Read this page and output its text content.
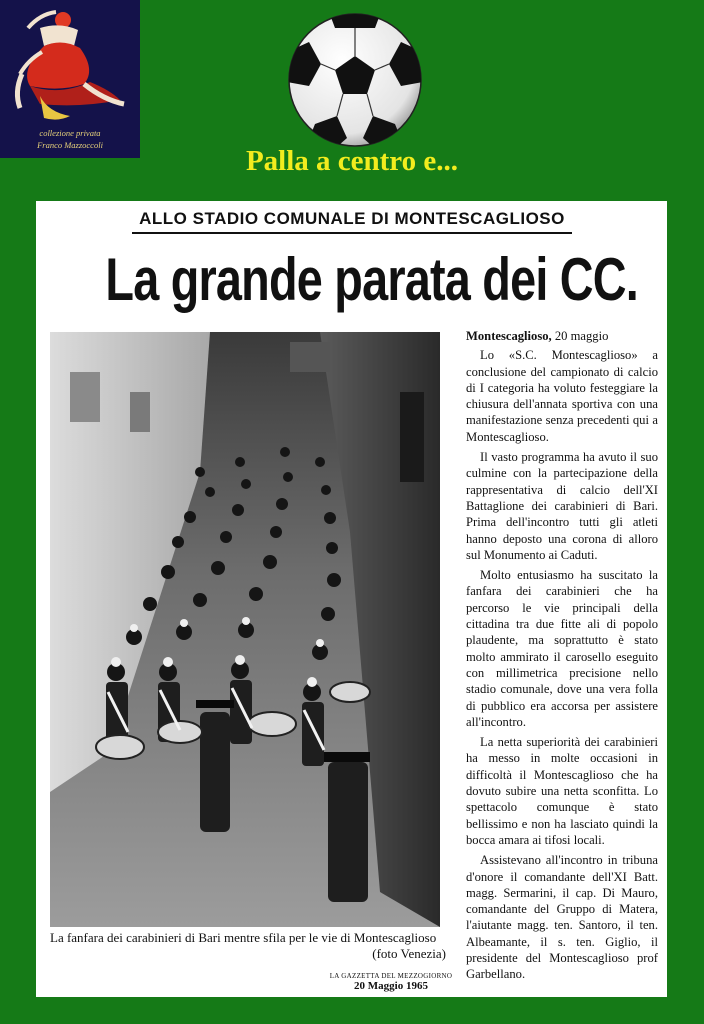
collezione privata
Franco Mazzoccoli	Palla a centro e...
ALLO STADIO COMUNALE DI MONTESCAGLIOSO
La grande parata dei CC.
La fanfara dei carabinieri di Bari mentre sfila per le vie di Montescaglioso
(foto Venezia)
Montescaglioso, 20 maggio

Lo «S.C. Montescaglioso» a conclusione del campionato di calcio di I categoria ha voluto festeggiare la chiusura dell'annata sportiva con una manifestazione senza precedenti qui a Montescaglioso.

Il vasto programma ha avuto il suo culmine con la partecipazione della rappresentativa di calcio dell'XI Battaglione dei carabinieri di Bari. Prima dell'incontro tutti gli atleti hanno deposto una corona di alloro sul Monumento ai Caduti.

Molto entusiasmo ha suscitato la fanfara dei carabinieri che ha percorso le vie principali della cittadina tra due fitte ali di popolo plaudente, ma soprattutto è stato molto ammirato il carosello eseguito con millimetrica precisione nello stadio comunale, dove una vera folla di pubblico era accorsa per assistere all'incontro.

La netta superiorità dei carabinieri ha messo in molte occasioni in difficoltà il Montescaglioso che ha dovuto subire una netta sconfitta. Lo spettacolo comunque è stato bellissimo e non ha lasciato quindi la bocca amara ai tifosi locali.

Assistevano all'incontro in tribuna d'onore il comandante dell'XI Batt. magg. Sermarini, il cap. Di Mauro, comandante del Gruppo di Matera, l'aiutante magg. ten. Santoro, il ten. Albeamante, il s. ten. Giglio, il presidente del Montescaglioso prof Garbellano.

LA GAZZETTA DEL MEZZOGIORNO
20 Maggio 1965
